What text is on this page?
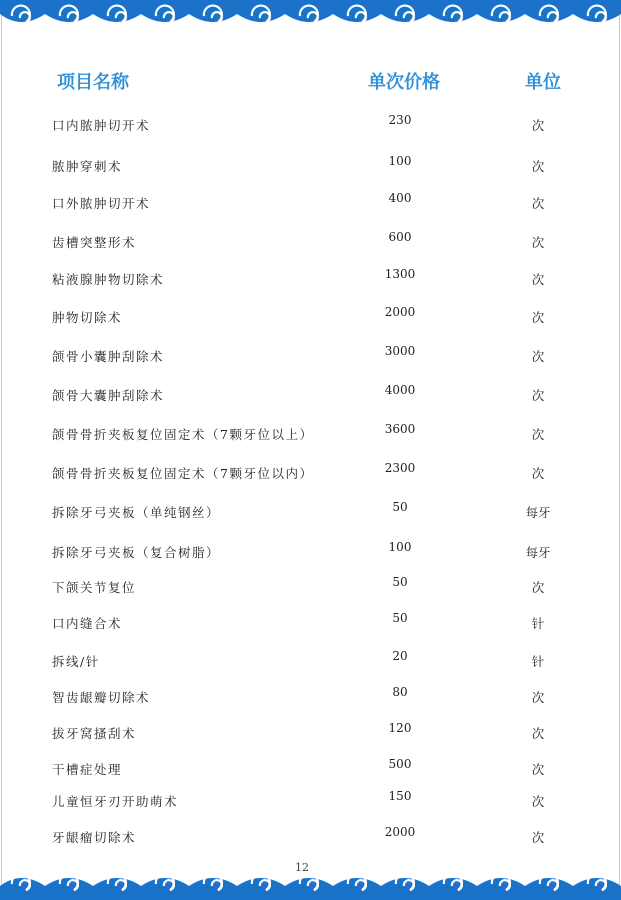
项目名称	单次价格	单位
口内脓肿切开术	230	次
脓肿穿刺术	100	次
口外脓肿切开术	400	次
齿槽突整形术	600	次
粘液腺肿物切除术	1300	次
肿物切除术	2000	次
颌骨小囊肿刮除术	3000	次
颌骨大囊肿刮除术	4000	次
颌骨骨折夹板复位固定术（7颗牙位以上）	3600	次
颌骨骨折夹板复位固定术（7颗牙位以内）	2300	次
拆除牙弓夹板（单纯钢丝）	50	每牙
拆除牙弓夹板（复合树脂）	100	每牙
下颌关节复位	50	次
口内缝合术	50	针
拆线/针	20	针
智齿龈瓣切除术	80	次
拔牙窝搔刮术	120	次
干槽症处理	500	次
儿童恒牙刃开助萌术	150	次
牙龈瘤切除术	2000	次
12
